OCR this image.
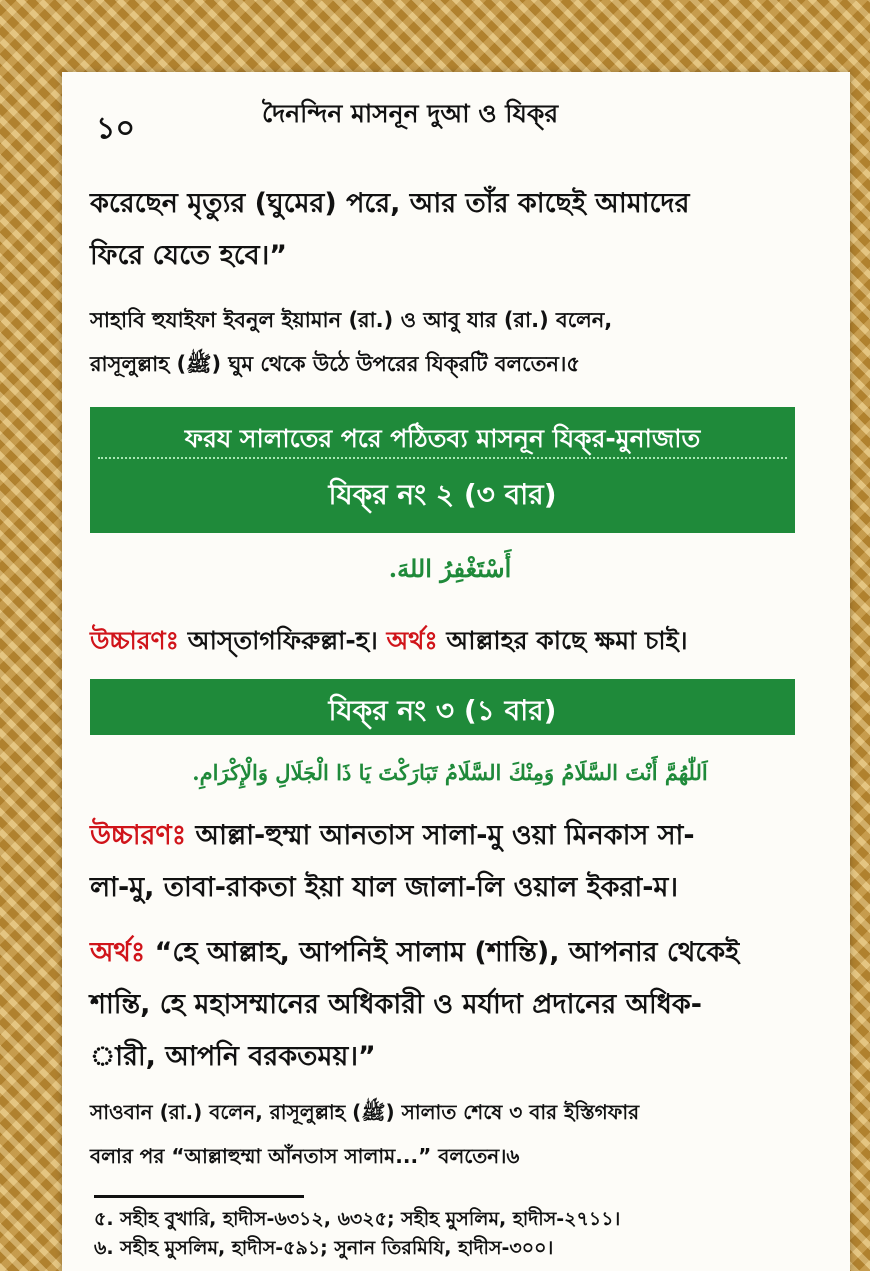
১০	দৈনন্দিন মাসনূন দুআ ও যিক্‌র
করেছেন মৃত্যুর (ঘুমের) পরে, আর তাঁর কাছেই আমাদের
ফিরে যেতে হবে।”
সাহাবি হুযাইফা ইবনুল ইয়ামান (রা.) ও আবু যার (রা.) বলেন,
রাসূলুল্লাহ (ﷺ) ঘুম থেকে উঠে উপরের যিক্‌রটি বলতেন।৫
ফরয সালাতের পরে পঠিতব্য মাসনূন যিক্‌র-মুনাজাত
যিক্‌র নং ২ (৩ বার)
أَسْتَغْفِرُ اللهَ.
উচ্চারণঃ আস্‌তাগফিরুল্লা-হ। অর্থঃ আল্লাহর কাছে ক্ষমা চাই।
যিক্‌র নং ৩ (১ বার)
اَللّٰهُمَّ أَنْتَ السَّلَامُ وَمِنْكَ السَّلَامُ تَبَارَكْتَ يَا ذَا الْجَلَالِ وَالْإِكْرَامِ.
উচ্চারণঃ আল্লা-হুম্মা আনতাস সালা-মু ওয়া মিনকাস সা-
লা-মু, তাবা-রাকতা ইয়া যাল জালা-লি ওয়াল ইকরা-ম।
অর্থঃ “হে আল্লাহ, আপনিই সালাম (শান্তি), আপনার থেকেই
শান্তি, হে মহাসম্মানের অধিকারী ও মর্যাদা প্রদানের অধিক-
ারী, আপনি বরকতময়।”
সাওবান (রা.) বলেন, রাসূলুল্লাহ (ﷺ) সালাত শেষে ৩ বার ইস্তিগফার
বলার পর “আল্লাহুম্মা আঁনতাস সালাম...” বলতেন।৬
৫. সহীহ বুখারি, হাদীস-৬৩১২, ৬৩২৫; সহীহ মুসলিম, হাদীস-২৭১১।
৬. সহীহ মুসলিম, হাদীস-৫৯১; সুনান তিরমিযি, হাদীস-৩০০।
